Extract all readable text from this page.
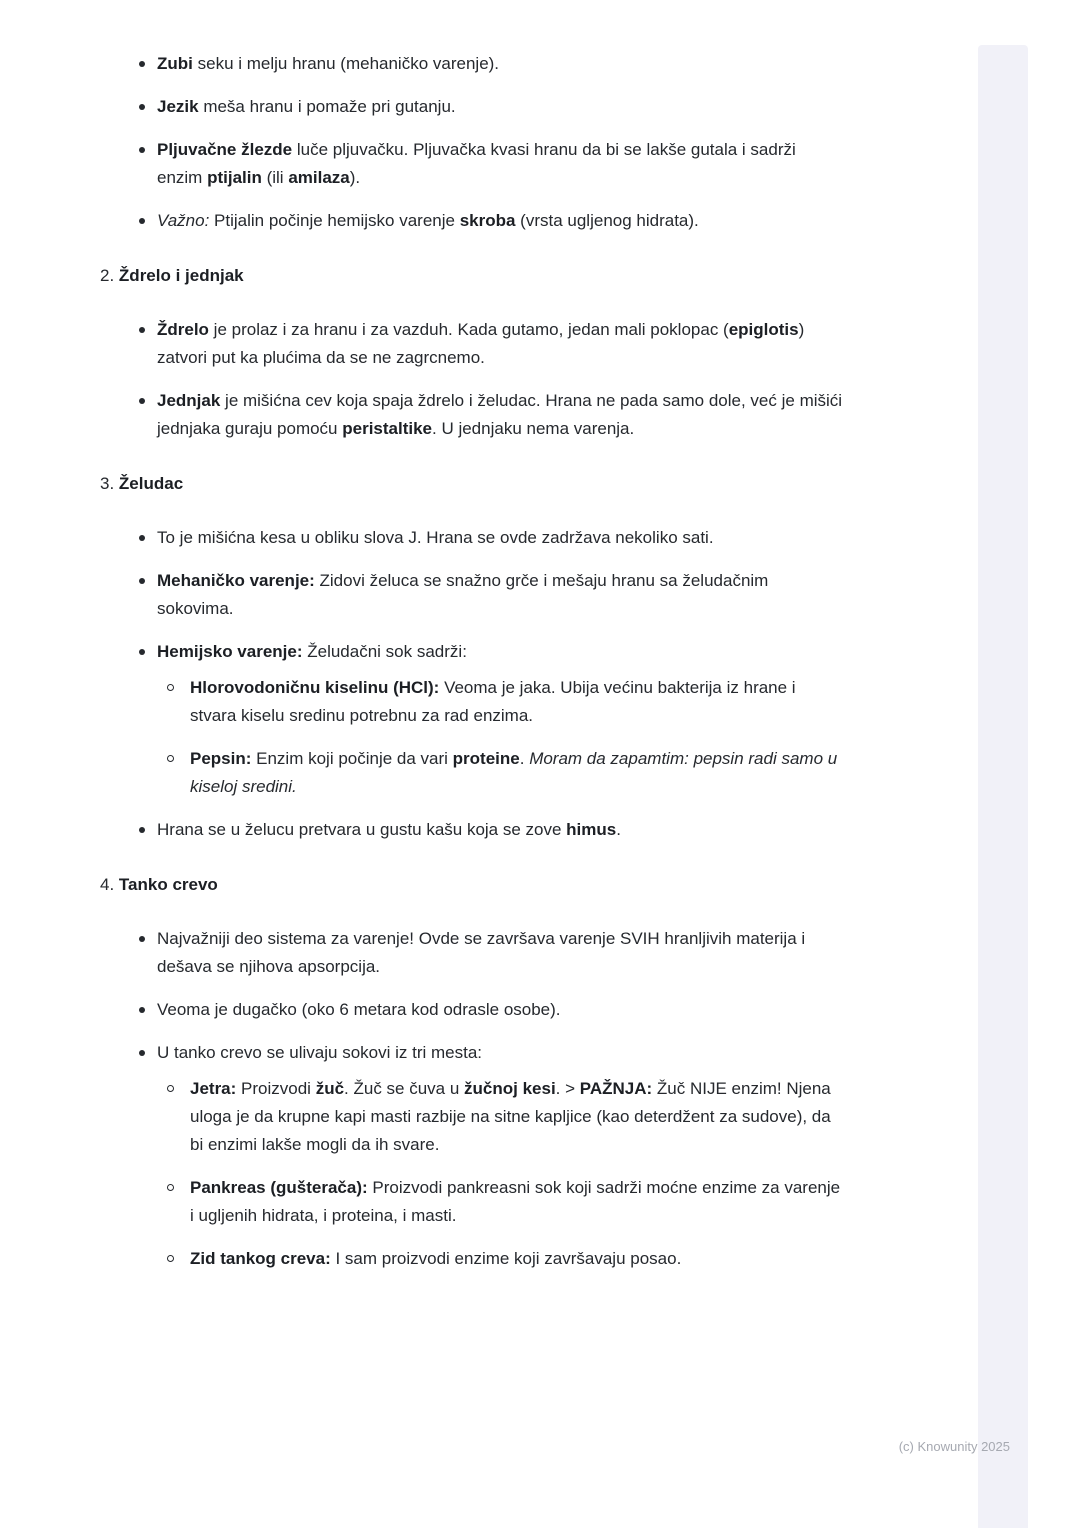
Zubi seku i melju hranu (mehaničko varenje).
Jezik meša hranu i pomaže pri gutanju.
Pljuvačne žlezde luče pljuvačku. Pljuvačka kvasi hranu da bi se lakše gutala i sadrži enzim ptijalin (ili amilaza).
Važno: Ptijalin počinje hemijsko varenje skroba (vrsta ugljenog hidrata).
2. Ždrelo i jednjak
Ždrelo je prolaz i za hranu i za vazduh. Kada gutamo, jedan mali poklopac (epiglotis) zatvori put ka plućima da se ne zagrcnemo.
Jednjak je mišićna cev koja spaja ždrelo i želudac. Hrana ne pada samo dole, već je mišići jednjaka guraju pomoću peristaltike. U jednjaku nema varenja.
3. Želudac
To je mišićna kesa u obliku slova J. Hrana se ovde zadržava nekoliko sati.
Mehaničko varenje: Zidovi želuca se snažno grče i mešaju hranu sa želudačnim sokovima.
Hemijsko varenje: Želudačni sok sadrži:
Hlorovodoničnu kiselinu (HCl): Veoma je jaka. Ubija većinu bakterija iz hrane i stvara kiselu sredinu potrebnu za rad enzima.
Pepsin: Enzim koji počinje da vari proteine. Moram da zapamtim: pepsin radi samo u kiseloj sredini.
Hrana se u želucu pretvara u gustu kašu koja se zove himus.
4. Tanko crevo
Najvažniji deo sistema za varenje! Ovde se završava varenje SVIH hranljivih materija i dešava se njihova apsorpcija.
Veoma je dugačko (oko 6 metara kod odrasle osobe).
U tanko crevo se ulivaju sokovi iz tri mesta:
Jetra: Proizvodi žuč. Žuč se čuva u žučnoj kesi. > PAŽNJA: Žuč NIJE enzim! Njena uloga je da krupne kapi masti razbije na sitne kapljice (kao deterdžent za sudove), da bi enzimi lakše mogli da ih svare.
Pankreas (gušterača): Proizvodi pankreasni sok koji sadrži moćne enzime za varenje i ugljenih hidrata, i proteina, i masti.
Zid tankog creva: I sam proizvodi enzime koji završavaju posao.
(c) Knowunity 2025
